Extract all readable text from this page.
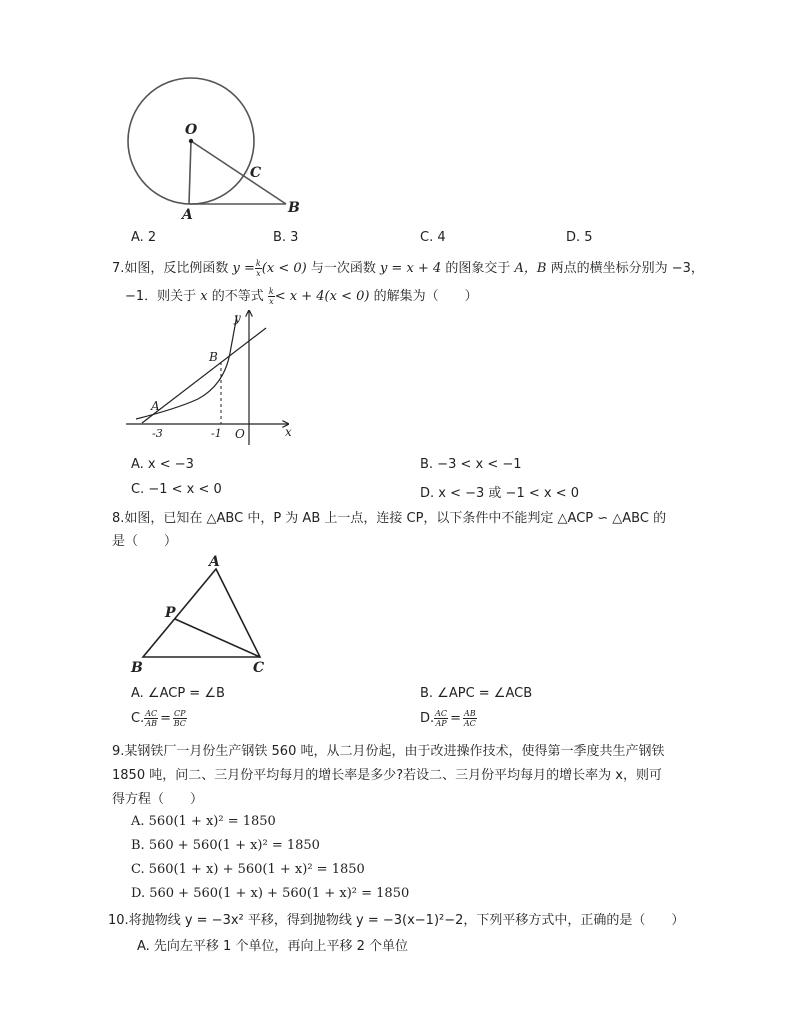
O
C
A	B
A. 2	B. 3	C. 4	D. 5
7.如图，反比例函数 $y = \frac{k}{x} (x < 0)$ 与一次函数 y = x + 4 的图象交于 A，B 两点的横坐标分别为 −3，
−1．则关于 x 的不等式 $\frac{k}{x} < x + 4(x < 0)$ 的解集为（　　）
y
x
B
A
O
-3	-1
A. x < −3	B. −3 < x < −1
C. −1 < x < 0	D. x < −3 或 −1 < x < 0
8.如图，已知在 △ABC 中，P 为 AB 上一点，连接 CP，以下条件中不能判定 △ACP ∽ △ABC 的
是（　　）
A
P
B	C
A. ∠ACP = ∠B	B. ∠APC = ∠ACB
C. $\frac{AC}{AB} = \frac{CP}{BC}$	D. $\frac{AC}{AP} = \frac{AB}{AC}$
9.某钢铁厂一月份生产钢铁 560 吨，从二月份起，由于改进操作技术，使得第一季度共生产钢铁
1850 吨，问二、三月份平均每月的增长率是多少?若设二、三月份平均每月的增长率为 x，则可
得方程（　　）
A. 560(1 + x)² = 1850
B. 560 + 560(1 + x)² = 1850
C. 560(1 + x) + 560(1 + x)² = 1850
D. 560 + 560(1 + x) + 560(1 + x)² = 1850
10.将抛物线 y = −3x² 平移，得到抛物线 y = −3(x−1)²−2，下列平移方式中，正确的是（　　）
A. 先向左平移 1 个单位，再向上平移 2 个单位
